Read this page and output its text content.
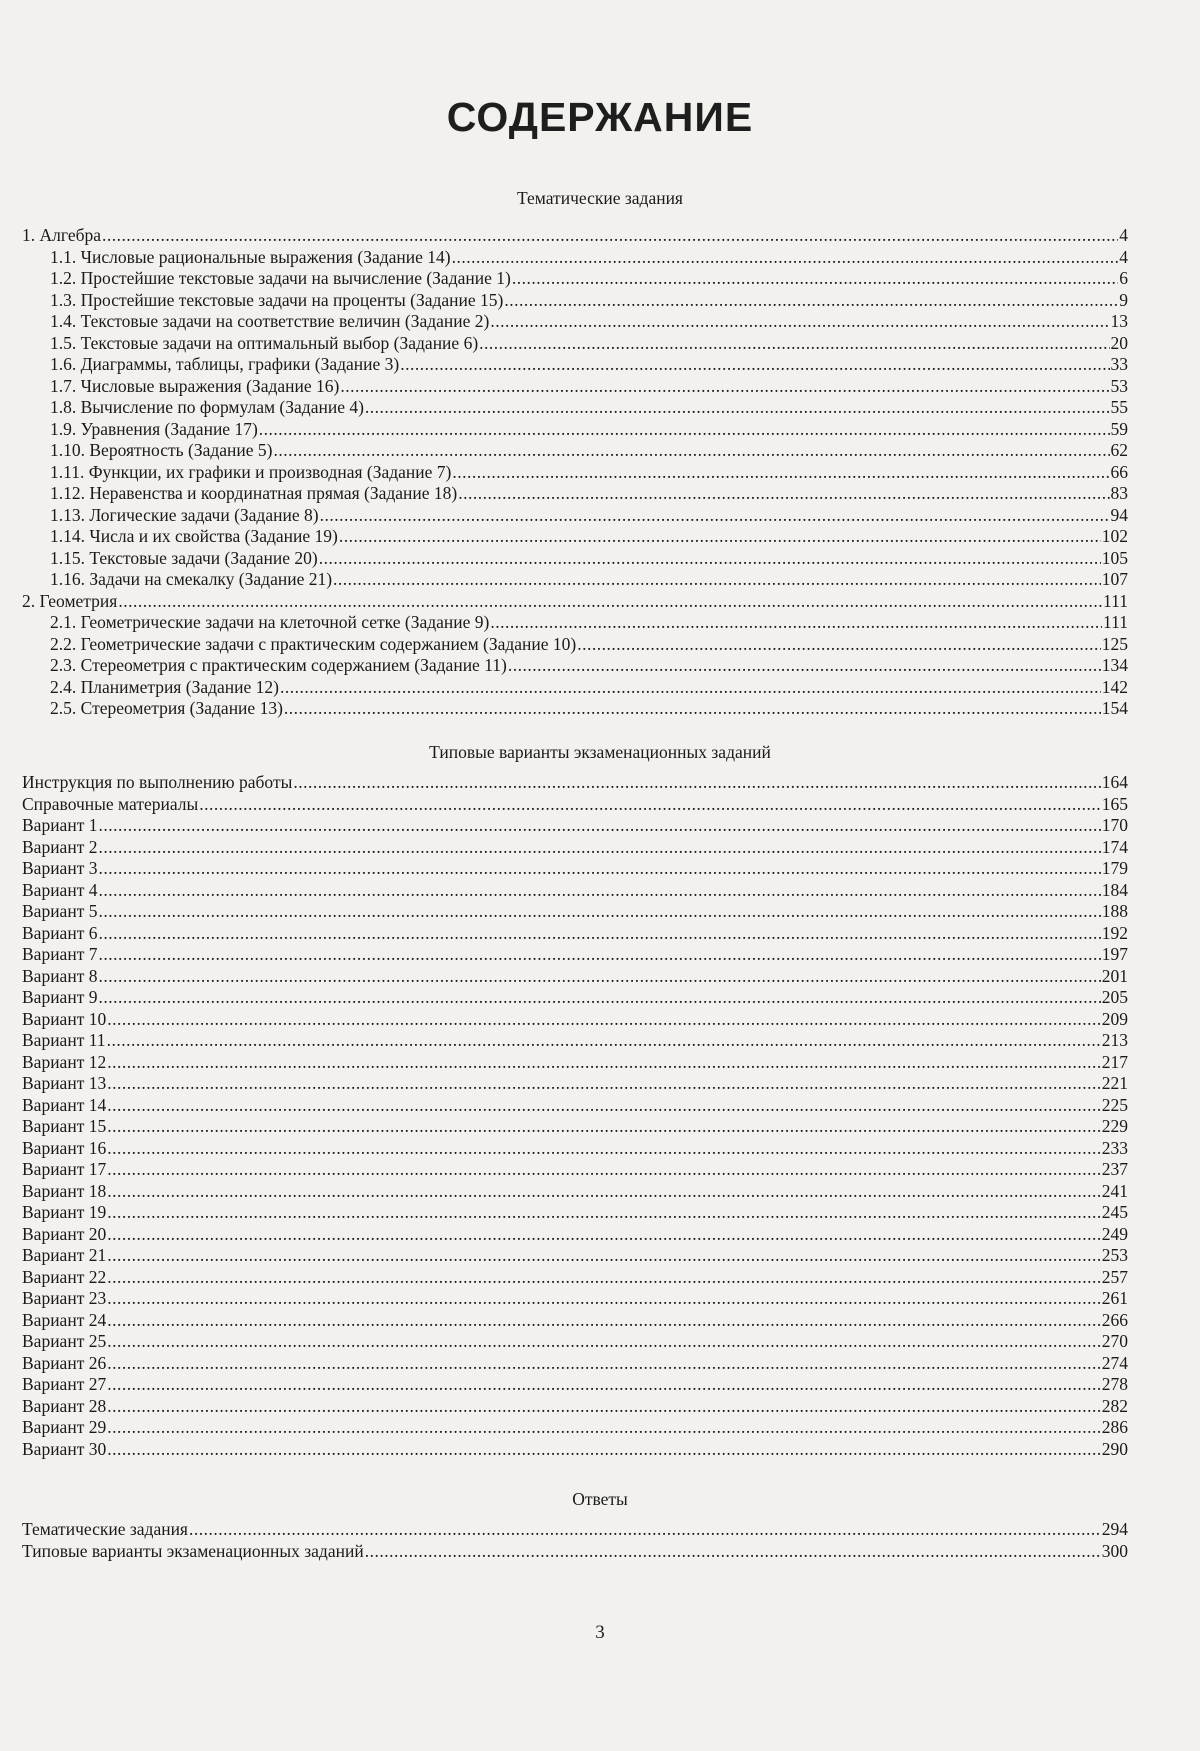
СОДЕРЖАНИЕ
Тематические задания
1. Алгебра .....	4
1.1. Числовые рациональные выражения (Задание 14) .....	4
1.2. Простейшие текстовые задачи на вычисление (Задание 1) .....	6
1.3. Простейшие текстовые задачи на проценты (Задание 15) .....	9
1.4. Текстовые задачи на соответствие величин (Задание 2) .....	13
1.5. Текстовые задачи на оптимальный выбор (Задание 6) .....	20
1.6. Диаграммы, таблицы, графики (Задание 3) .....	33
1.7. Числовые выражения (Задание 16) .....	53
1.8. Вычисление по формулам (Задание 4) .....	55
1.9. Уравнения (Задание 17) .....	59
1.10. Вероятность (Задание 5) .....	62
1.11. Функции, их графики и производная (Задание 7) .....	66
1.12. Неравенства и координатная прямая (Задание 18) .....	83
1.13. Логические задачи (Задание 8) .....	94
1.14. Числа и их свойства (Задание 19) .....	102
1.15. Текстовые задачи (Задание 20) .....	105
1.16. Задачи на смекалку (Задание 21) .....	107
2. Геометрия .....	111
2.1. Геометрические задачи на клеточной сетке (Задание 9) .....	111
2.2. Геометрические задачи с практическим содержанием (Задание 10) .....	125
2.3. Стереометрия с практическим содержанием (Задание 11) .....	134
2.4. Планиметрия (Задание 12) .....	142
2.5. Стереометрия (Задание 13) .....	154
Типовые варианты экзаменационных заданий
Инструкция по выполнению работы .....	164
Справочные материалы .....	165
Вариант 1 .....	170
Вариант 2 .....	174
Вариант 3 .....	179
Вариант 4 .....	184
Вариант 5 .....	188
Вариант 6 .....	192
Вариант 7 .....	197
Вариант 8 .....	201
Вариант 9 .....	205
Вариант 10 .....	209
Вариант 11 .....	213
Вариант 12 .....	217
Вариант 13 .....	221
Вариант 14 .....	225
Вариант 15 .....	229
Вариант 16 .....	233
Вариант 17 .....	237
Вариант 18 .....	241
Вариант 19 .....	245
Вариант 20 .....	249
Вариант 21 .....	253
Вариант 22 .....	257
Вариант 23 .....	261
Вариант 24 .....	266
Вариант 25 .....	270
Вариант 26 .....	274
Вариант 27 .....	278
Вариант 28 .....	282
Вариант 29 .....	286
Вариант 30 .....	290
Ответы
Тематические задания .....	294
Типовые варианты экзаменационных заданий .....	300
3
